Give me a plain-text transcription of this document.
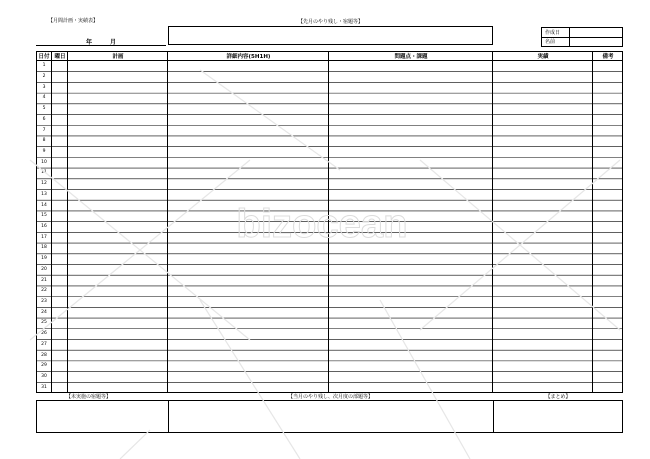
【月間計画・実績表】
年	月
【先月のやり残し・宿題等】
作成日
名前
日付 曜日	計画	詳細内容(5H1H)	問題点・課題	実績	備考
1
2
3
4
5
6
7
8
9
10
11
12
13
14
15
16
17
18
19
20
21
22
23
24
25
26
27
28
29
30
31
【未実施の宿題等】	【当月のやり残し、次月度の部題等】	【まとめ】
bizocean
